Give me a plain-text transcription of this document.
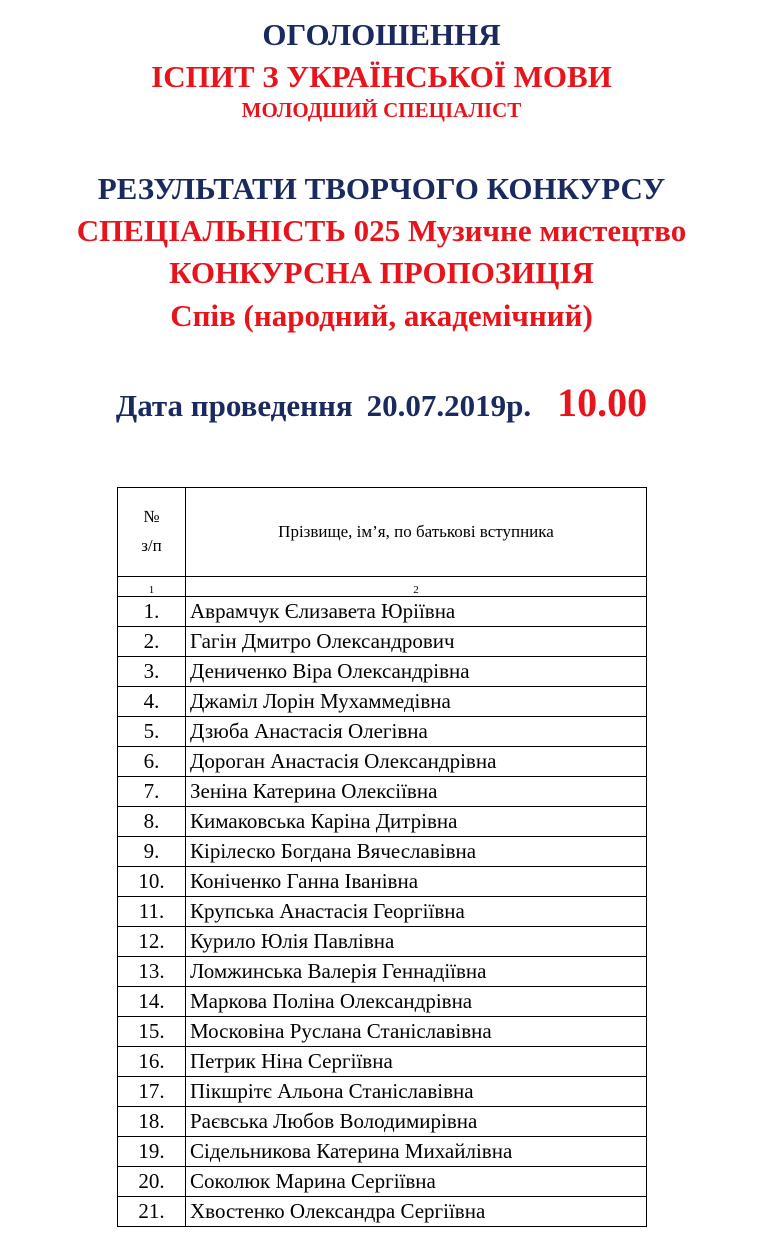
ОГОЛОШЕННЯ
ІСПИТ З УКРАЇНСЬКОЇ МОВИ
МОЛОДШИЙ СПЕЦІАЛІСТ
РЕЗУЛЬТАТИ ТВОРЧОГО КОНКУРСУ
СПЕЦІАЛЬНІСТЬ 025 Музичне мистецтво
КОНКУРСНА ПРОПОЗИЦІЯ
Спів (народний, академічний)
Дата проведення 20.07.2019р. 10.00
№
з/п	Прізвище, ім’я, по батькові вступника
1	2
1.	Аврамчук Єлизавета Юріївна
2.	Гагін Дмитро Олександрович
3.	Дениченко Віра Олександрівна
4.	Джаміл Лорін Мухаммедівна
5.	Дзюба Анастасія Олегівна
6.	Дороган Анастасія Олександрівна
7.	Зеніна Катерина Олексіївна
8.	Кимаковська Каріна Дитрівна
9.	Кірілеско Богдана Вячеславівна
10.	Коніченко Ганна Іванівна
11.	Крупська Анастасія Георгіївна
12.	Курило Юлія Павлівна
13.	Ломжинська Валерія Геннадіївна
14.	Маркова Поліна Олександрівна
15.	Московіна Руслана Станіславівна
16.	Петрик Ніна Сергіївна
17.	Пікшрітє Альона Станіславівна
18.	Раєвська Любов Володимирівна
19.	Сідельникова Катерина Михайлівна
20.	Соколюк Марина Сергіївна
21.	Хвостенко Олександра Сергіївна
